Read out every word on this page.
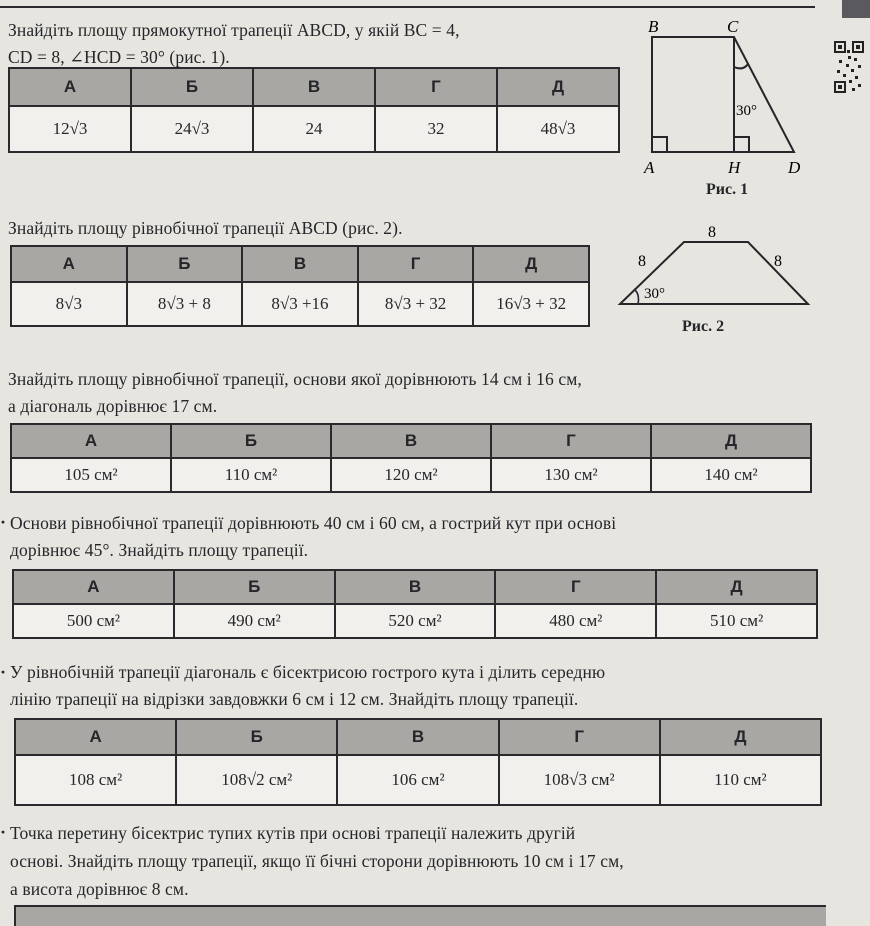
Знайдіть площу прямокутної трапеції ABCD, у якій BC = 4,

CD = 8, ∠HCD = 30° (рис. 1).

А	Б	В	Г	Д
12√3	24√3	24	32	48√3
B	C
30°
A	H	D
Рис. 1

Знайдіть площу рівнобічної трапеції ABCD (рис. 2).

А	Б	В	Г	Д
8√3	8√3 + 8	8√3 +16	8√3 + 32	16√3 + 32
8
8	8
30°
Рис. 2

Знайдіть площу рівнобічної трапеції, основи якої дорівнюють 14 см і 16 см,

а діагональ дорівнює 17 см.

А	Б	В	Г	Д
105 см²	110 см²	120 см²	130 см²	140 см²
· Основи рівнобічної трапеції дорівнюють 40 см і 60 см, а гострий кут при основі

дорівнює 45°. Знайдіть площу трапеції.

А	Б	В	Г	Д
500 см²	490 см²	520 см²	480 см²	510 см²
· У рівнобічній трапеції діагональ є бісектрисою гострого кута і ділить середню

лінію трапеції на відрізки завдовжки 6 см і 12 см. Знайдіть площу трапеції.

А	Б	В	Г	Д
108 см²	108√2 см²	106 см²	108√3 см²	110 см²
· Точка перетину бісектрис тупих кутів при основі трапеції належить другій

основі. Знайдіть площу трапеції, якщо її бічні сторони дорівнюють 10 см і 17 см,

а висота дорівнює 8 см.
